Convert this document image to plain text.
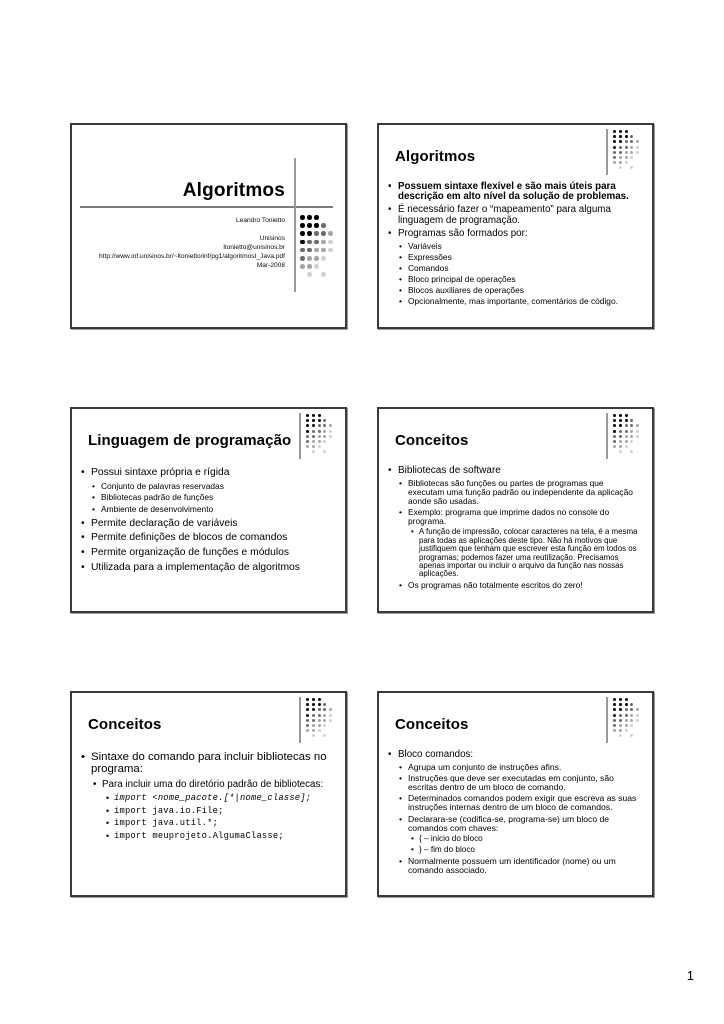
Algoritmos
Leandro Tonietto

Unisinos
ltonietto@unisinos.br
http://www.inf.unisinos.br/~ltonietto/inf/pg1/algoritmosI_Java.pdf
Mar-2008
Algoritmos
• Possuem sintaxe flexível e são mais úteis para descrição em alto nível da solução de problemas.
• É necessário fazer o “mapeamento” para alguma linguagem de programação.
• Programas são formados por:
• Variáveis
• Expressões
• Comandos
• Bloco principal de operações
• Blocos auxiliares de operações
• Opcionalmente, mas importante, comentários de código.
Linguagem de programação
• Possui sintaxe própria e rígida
• Conjunto de palavras reservadas
• Bibliotecas padrão de funções
• Ambiente de desenvolvimento
• Permite declaração de variáveis
• Permite definições de blocos de comandos
• Permite organização de funções e módulos
• Utilizada para a implementação de algoritmos
Conceitos
• Bibliotecas de software
• Bibliotecas são funções ou partes de programas que executam uma função padrão ou independente da aplicação aonde são usadas.
• Exemplo: programa que imprime dados no console do programa.
• A função de impressão, colocar caracteres na tela, é a mesma para todas as aplicações deste tipo. Não há motivos que justifiquem que tenham que escrever esta função em todos os programas; podemos fazer uma reutilização. Precisamos apenas importar ou incluir o arquivo da função nas nossas aplicações.
• Os programas não totalmente escritos do zero!
Conceitos
• Sintaxe do comando para incluir bibliotecas no programa:
• Para incluir uma do diretório padrão de bibliotecas:
• import <nome_pacote.[*|nome_classe];
• import java.io.File;
• import java.util.*;
• import meuprojeto.AlgumaClasse;
Conceitos
• Bloco comandos:
• Agrupa um conjunto de instruções afins.
• Instruções que deve ser executadas em conjunto, são escritas dentro de um bloco de comando.
• Determinados comandos podem exigir que escreva as suas instruções internas dentro de um bloco de comandos.
• Declarara-se (codifica-se, programa-se) um bloco de comandos com chaves:
• { – inicio do bloco
• } – fim do bloco
• Normalmente possuem um identificador (nome) ou um comando associado.
1
